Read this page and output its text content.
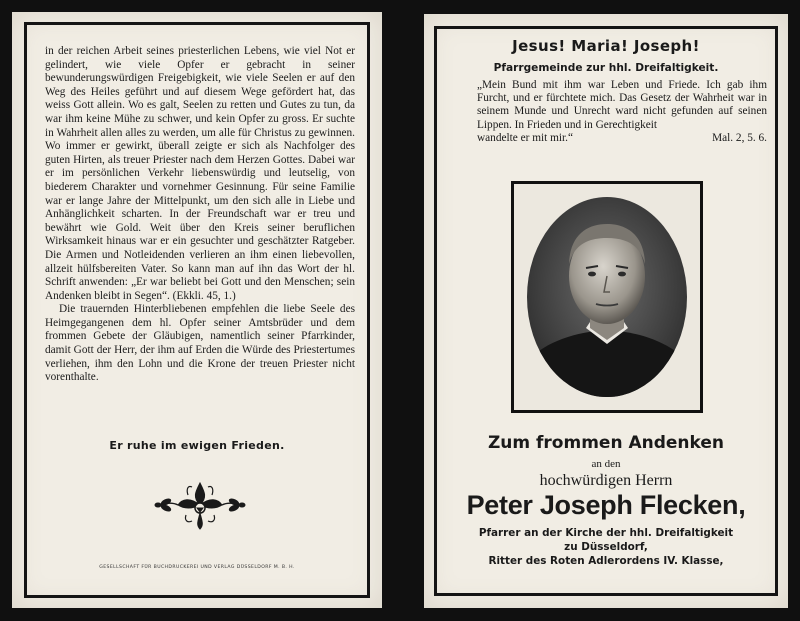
in der reichen Arbeit seines priesterlichen Lebens, wie viel Not er gelindert, wie viele Opfer er gebracht in seiner bewunderungswürdigen Freigebigkeit, wie viele Seelen er auf den Weg des Heiles geführt und auf diesem Wege gefördert hat, das weiss Gott allein. Wo es galt, Seelen zu retten und Gutes zu tun, da war ihm keine Mühe zu schwer, und kein Opfer zu gross. Er suchte in Wahrheit allen alles zu werden, um alle für Christus zu gewinnen. Wo immer er gewirkt, überall zeigte er sich als Nachfolger des guten Hirten, als treuer Priester nach dem Herzen Gottes. Dabei war er im persönlichen Verkehr liebenswürdig und leutselig, von biederem Charakter und vornehmer Gesinnung. Für seine Familie war er lange Jahre der Mittelpunkt, um den sich alle in Liebe und Anhänglichkeit scharten. In der Freundschaft war er treu und bewährt wie Gold. Weit über den Kreis seiner beruflichen Wirksamkeit hinaus war er ein gesuchter und geschätzter Ratgeber. Die Armen und Notleidenden verlieren an ihm einen liebevollen, allzeit hülfsbereiten Vater. So kann man auf ihn das Wort der hl. Schrift anwenden: „Er war beliebt bei Gott und den Menschen; sein Andenken bleibt in Segen“. (Ekkli. 45, 1.)

Die trauernden Hinterbliebenen empfehlen die liebe Seele des Heimgegangenen dem hl. Opfer seiner Amtsbrüder und dem frommen Gebete der Gläubigen, namentlich seiner Pfarrkinder, damit Gott der Herr, der ihm auf Erden die Würde des Priestertumes verliehen, ihm den Lohn und die Krone der treuen Priester nicht vorenthalte.

Er ruhe im ewigen Frieden.
GESELLSCHAFT FÜR BUCHDRUCKEREI UND VERLAG DÜSSELDORF M. B. H.
Jesus! Maria! Joseph!
Pfarrgemeinde zur hhl. Dreifaltigkeit.

„Mein Bund mit ihm war Leben und Friede. Ich gab ihm Furcht, und er fürchtete mich. Das Gesetz der Wahrheit war in seinem Munde und Unrecht ward nicht gefunden auf seinen Lippen. In Frieden und in Gerechtigkeit

wandelte er mit mir.“	Mal. 2, 5. 6.
Zum frommen Andenken
an den
hochwürdigen Herrn
Peter Joseph Flecken,
Pfarrer an der Kirche der hhl. Dreifaltigkeit
zu Düsseldorf,
Ritter des Roten Adlerordens IV. Klasse,
